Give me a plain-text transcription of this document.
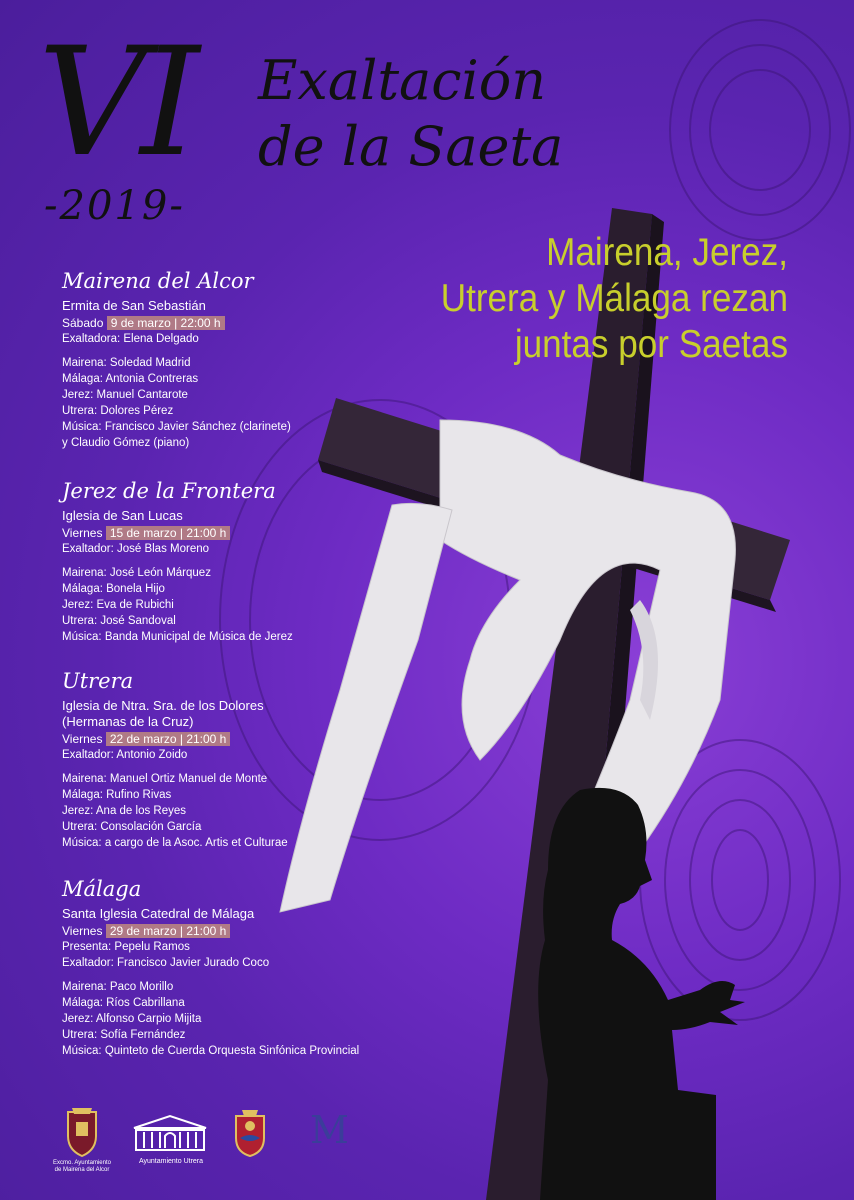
VI Exaltación
de la Saeta
-2019-
Mairena, Jerez,
Utrera y Málaga rezan
juntas por Saetas
Mairena del Alcor
Ermita de San Sebastián
Sábado 9 de marzo | 22:00 h
Exaltadora: Elena Delgado
Mairena: Soledad Madrid
Málaga: Antonia Contreras
Jerez: Manuel Cantarote
Utrera: Dolores Pérez
Música: Francisco Javier Sánchez (clarinete)
y Claudio Gómez (piano)
Jerez de la Frontera
Iglesia de San Lucas
Viernes 15 de marzo | 21:00 h
Exaltador: José Blas Moreno
Mairena: José León Márquez
Málaga: Bonela Hijo
Jerez: Eva de Rubichi
Utrera: José Sandoval
Música: Banda Municipal de Música de Jerez
Utrera
Iglesia de Ntra. Sra. de los Dolores
(Hermanas de la Cruz)
Viernes 22 de marzo | 21:00 h
Exaltador: Antonio Zoido
Mairena: Manuel Ortiz Manuel de Monte
Málaga: Rufino Rivas
Jerez: Ana de los Reyes
Utrera: Consolación García
Música: a cargo de la Asoc. Artis et Culturae
Málaga
Santa Iglesia Catedral de Málaga
Viernes 29 de marzo | 21:00 h
Presenta: Pepelu Ramos
Exaltador: Francisco Javier Jurado Coco
Mairena: Paco Morillo
Málaga: Ríos Cabrillana
Jerez: Alfonso Carpio Mijita
Utrera: Sofía Fernández
Música: Quinteto de Cuerda Orquesta Sinfónica Provincial
Excmo. Ayuntamiento de Mairena del Alcor
Ayuntamiento Utrera
M
